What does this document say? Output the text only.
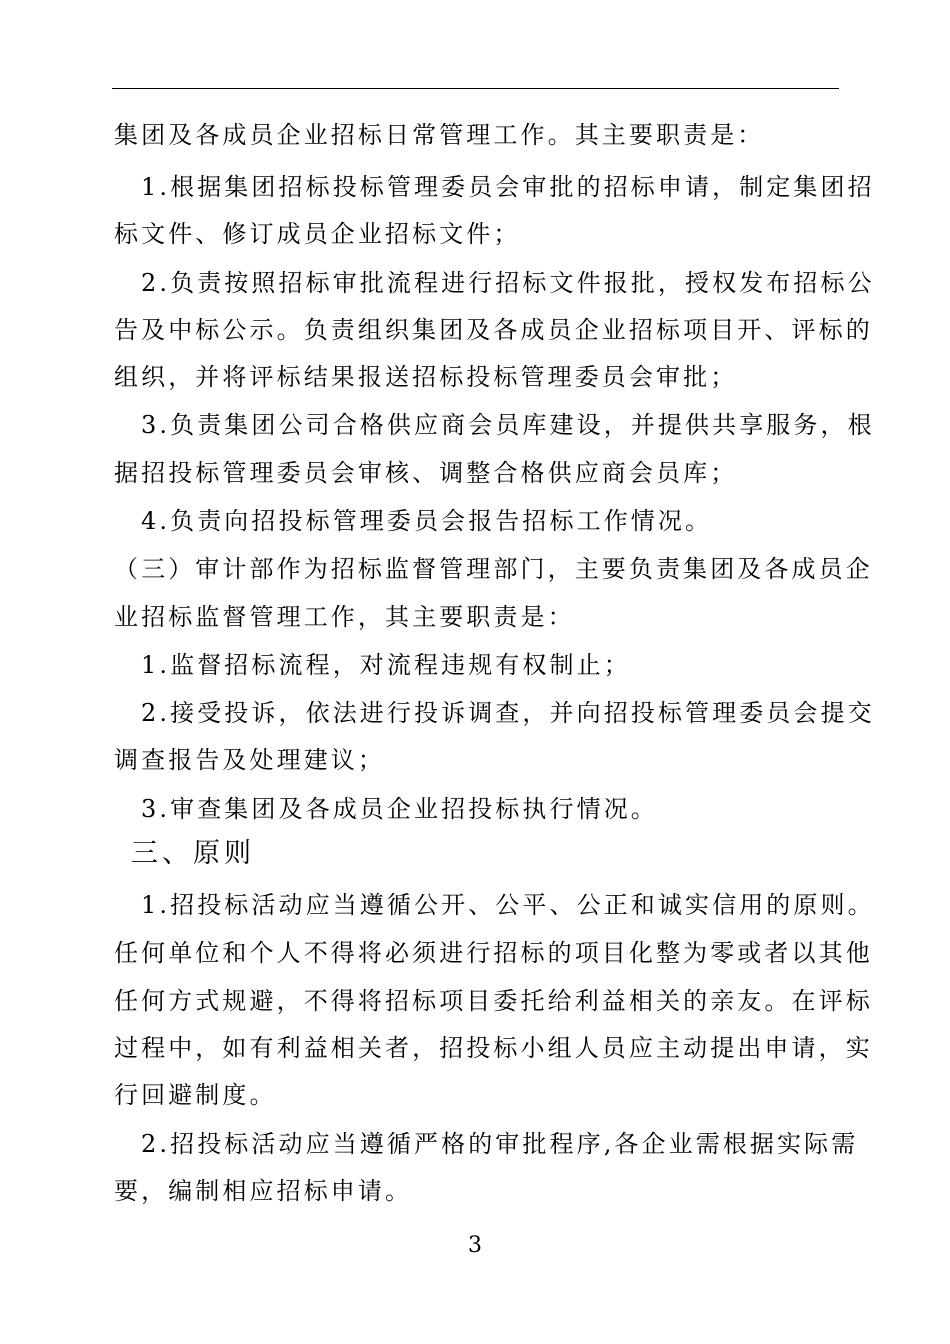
集团及各成员企业招标日常管理工作。其主要职责是：
1.根据集团招标投标管理委员会审批的招标申请，制定集团招
标文件、修订成员企业招标文件；
2.负责按照招标审批流程进行招标文件报批，授权发布招标公
告及中标公示。负责组织集团及各成员企业招标项目开、评标的
组织，并将评标结果报送招标投标管理委员会审批；
3.负责集团公司合格供应商会员库建设，并提供共享服务，根
据招投标管理委员会审核、调整合格供应商会员库；
4.负责向招投标管理委员会报告招标工作情况。
（三）审计部作为招标监督管理部门，主要负责集团及各成员企
业招标监督管理工作，其主要职责是：
1.监督招标流程，对流程违规有权制止；
2.接受投诉，依法进行投诉调查，并向招投标管理委员会提交
调查报告及处理建议；
3.审查集团及各成员企业招投标执行情况。
三、原则
1.招投标活动应当遵循公开、公平、公正和诚实信用的原则。
任何单位和个人不得将必须进行招标的项目化整为零或者以其他
任何方式规避，不得将招标项目委托给利益相关的亲友。在评标
过程中，如有利益相关者，招投标小组人员应主动提出申请，实
行回避制度。
2.招投标活动应当遵循严格的审批程序,各企业需根据实际需
要，编制相应招标申请。
3
